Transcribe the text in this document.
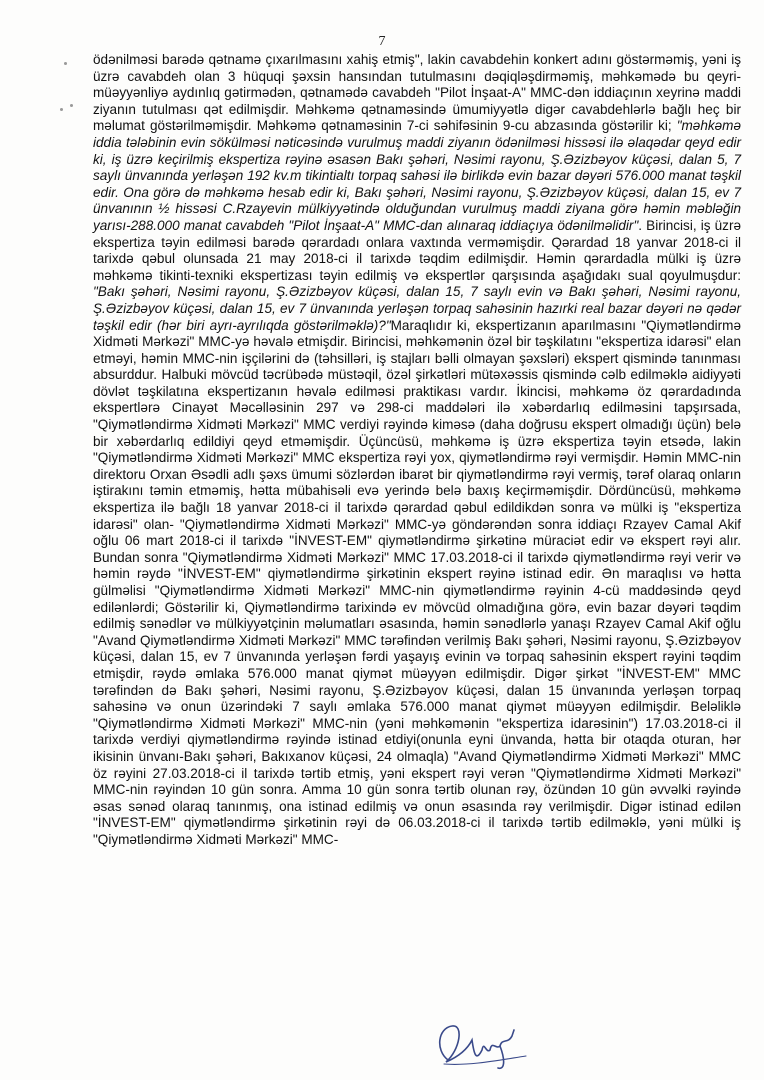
7

ödənilməsi barədə qətnamə çıxarılmasını xahiş etmiş", lakin cavabdehin konkert adını göstərməmiş, yəni iş üzrə cavabdeh olan 3 hüquqi şəxsin hansından tutulmasını dəqiqləşdirməmiş, məhkəmədə bu qeyri-müəyyənliyə aydınlıq gətirmədən, qətnamədə cavabdeh "Pilot İnşaat-A" MMC-dən iddiaçının xeyrinə maddi ziyanın tutulması qət edilmişdir. Məhkəmə qətnaməsində ümumiyyətlə digər cavabdehlərlə bağlı heç bir məlumat göstərilməmişdir. Məhkəmə qətnaməsinin 7-ci səhifəsinin 9-cu abzasında göstərilir ki; "məhkəmə iddia tələbinin evin sökülməsi nəticəsində vurulmuş maddi ziyanın ödənilməsi hissəsi ilə əlaqədar qeyd edir ki, iş üzrə keçirilmiş ekspertiza rəyinə əsasən Bakı şəhəri, Nəsimi rayonu, Ş.Əzizbəyov küçəsi, dalan 5, 7 saylı ünvanında yerləşən 192 kv.m tikintialtı torpaq sahəsi ilə birlikdə evin bazar dəyəri 576.000 manat təşkil edir. Ona görə də məhkəmə hesab edir ki, Bakı şəhəri, Nəsimi rayonu, Ş.Əzizbəyov küçəsi, dalan 15, ev 7 ünvanının ½ hissəsi C.Rzayevin mülkiyyətində olduğundan vurulmuş maddi ziyana görə həmin məbləğin yarısı-288.000 manat cavabdeh "Pilot İnşaat-A" MMC-dan alınaraq iddiaçıya ödənilməlidir". Birincisi, iş üzrə ekspertiza təyin edilməsi barədə qərardadı onlara vaxtında verməmişdir. Qərardad 18 yanvar 2018-ci il tarixdə qəbul olunsada 21 may 2018-ci il tarixdə təqdim edilmişdir. Həmin qərardadla mülki iş üzrə məhkəmə tikinti-texniki ekspertizası təyin edilmiş və ekspertlər qarşısında aşağıdakı sual qoyulmuşdur: "Bakı şəhəri, Nəsimi rayonu, Ş.Əzizbəyov küçəsi, dalan 15, 7 saylı evin və Bakı şəhəri, Nəsimi rayonu, Ş.Əzizbəyov küçəsi, dalan 15, ev 7 ünvanında yerləşən torpaq sahəsinin hazırki real bazar dəyəri nə qədər təşkil edir (hər biri ayrı-ayrılıqda göstərilməklə)?"Maraqlıdır ki, ekspertizanın aparılmasını "Qiymətləndirmə Xidməti Mərkəzi" MMC-yə həvalə etmişdir. Birincisi, məhkəmənin özəl bir təşkilatını "ekspertiza idarəsi" elan etməyi, həmin MMC-nin işçilərini də (təhsilləri, iş stajları bəlli olmayan şəxsləri) ekspert qismində tanınması absurddur. Halbuki mövcüd təcrübədə müstəqil, özəl şirkətləri mütəxəssis qismində cəlb edilməklə aidiyyəti dövlət təşkilatına ekspertizanın həvalə edilməsi praktikası vardır. İkincisi, məhkəmə öz qərardadında ekspertlərə Cinayət Məcəlləsinin 297 və 298-ci maddələri ilə xəbərdarlıq edilməsini tapşırsada, "Qiymətləndirmə Xidməti Mərkəzi" MMC verdiyi rəyində kiməsə (daha doğrusu ekspert olmadığı üçün) belə bir xəbərdarlıq edildiyi qeyd etməmişdir. Üçüncüsü, məhkəmə iş üzrə ekspertiza təyin etsədə, lakin "Qiymətləndirmə Xidməti Mərkəzi" MMC ekspertiza rəyi yox, qiymətləndirmə rəyi vermişdir. Həmin MMC-nin direktoru Orxan Əsədli adlı şəxs ümumi sözlərdən ibarət bir qiymətləndirmə rəyi vermiş, tərəf olaraq onların iştirakını təmin etməmiş, hətta mübahisəli evə yerində belə baxış keçirməmişdir. Dördüncüsü, məhkəmə ekspertiza ilə bağlı 18 yanvar 2018-ci il tarixdə qərardad qəbul edildikdən sonra və mülki iş "ekspertiza idarəsi" olan- "Qiymətləndirmə Xidməti Mərkəzi" MMC-yə göndərəndən sonra iddiaçı Rzayev Camal Akif oğlu 06 mart 2018-ci il tarixdə "İNVEST-EM" qiymətləndirmə şirkətinə müraciət edir və ekspert rəyi alır. Bundan sonra "Qiymətləndirmə Xidməti Mərkəzi" MMC 17.03.2018-ci il tarixdə qiymətləndirmə rəyi verir və həmin rəydə "İNVEST-EM" qiymətləndirmə şirkətinin ekspert rəyinə istinad edir. Ən maraqlısı və hətta gülməlisi "Qiymətləndirmə Xidməti Mərkəzi" MMC-nin qiymətləndirmə rəyinin 4-cü maddəsində qeyd edilənlərdi; Göstərilir ki, Qiymətləndirmə tarixində ev mövcüd olmadığına görə, evin bazar dəyəri təqdim edilmiş sənədlər və mülkiyyətçinin məlumatları əsasında, həmin sənədlərlə yanaşı Rzayev Camal Akif oğlu "Avand Qiymətləndirmə Xidməti Mərkəzi" MMC tərəfindən verilmiş Bakı şəhəri, Nəsimi rayonu, Ş.Əzizbəyov küçəsi, dalan 15, ev 7 ünvanında yerləşən fərdi yaşayış evinin və torpaq sahəsinin ekspert rəyini təqdim etmişdir, rəydə əmlaka 576.000 manat qiymət müəyyən edilmişdir. Digər şirkət "İNVEST-EM" MMC tərəfindən də Bakı şəhəri, Nəsimi rayonu, Ş.Əzizbəyov küçəsi, dalan 15 ünvanında yerləşən torpaq sahəsinə və onun üzərindəki 7 saylı əmlaka 576.000 manat qiymət müəyyən edilmişdir. Beləliklə "Qiymətləndirmə Xidməti Mərkəzi" MMC-nin (yəni məhkəmənin "ekspertiza idarəsinin") 17.03.2018-ci il tarixdə verdiyi qiymətləndirmə rəyində istinad etdiyi(onunla eyni ünvanda, hətta bir otaqda oturan, hər ikisinin ünvanı-Bakı şəhəri, Bakıxanov küçəsi, 24 olmaqla) "Avand Qiymətləndirmə Xidməti Mərkəzi" MMC öz rəyini 27.03.2018-ci il tarixdə tərtib etmiş, yəni ekspert rəyi verən "Qiymətləndirmə Xidməti Mərkəzi" MMC-nin rəyindən 10 gün sonra. Amma 10 gün sonra tərtib olunan rəy, özündən 10 gün əvvəlki rəyində əsas sənəd olaraq tanınmış, ona istinad edilmiş və onun əsasında rəy verilmişdir. Digər istinad edilən "İNVEST-EM" qiymətləndirmə şirkətinin rəyi də 06.03.2018-ci il tarixdə tərtib edilməklə, yəni mülki iş "Qiymətləndirmə Xidməti Mərkəzi" MMC-
